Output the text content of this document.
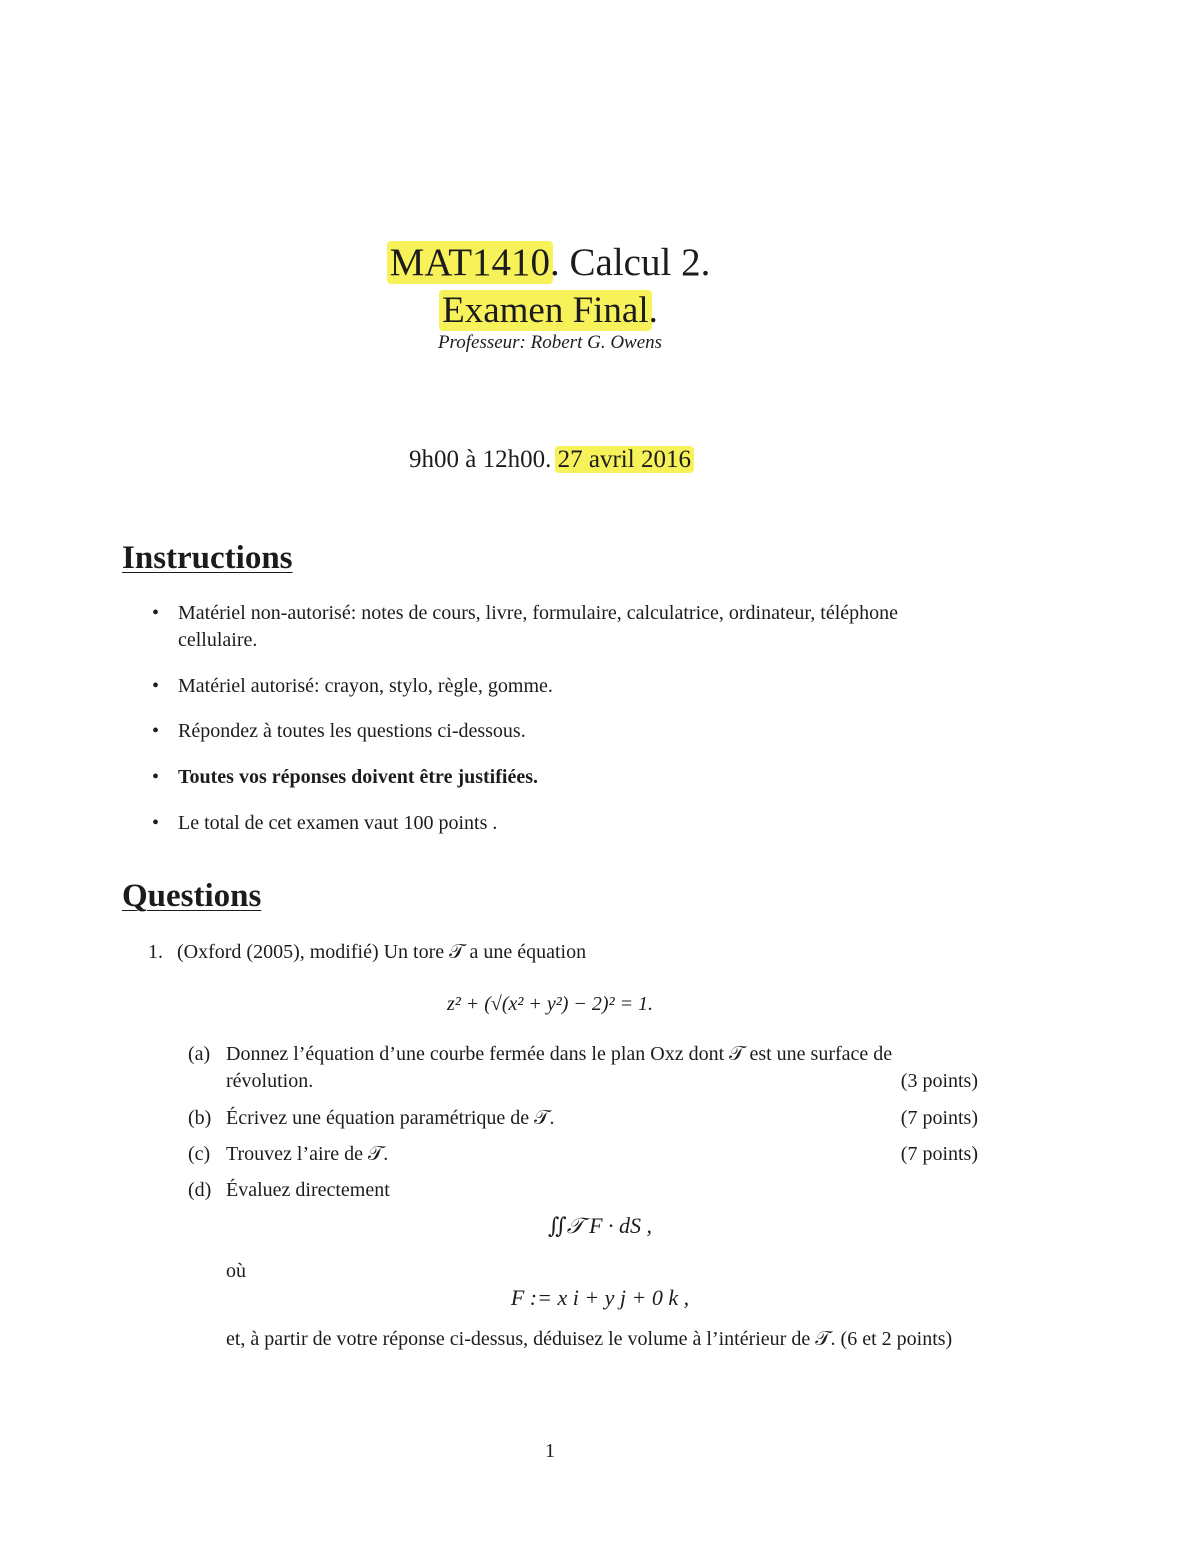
MAT1410. Calcul 2.
Examen Final.
Professeur: Robert G. Owens
9h00 à 12h00. 27 avril 2016
Instructions
• Matériel non-autorisé: notes de cours, livre, formulaire, calculatrice, ordinateur, téléphone cellulaire.
• Matériel autorisé: crayon, stylo, règle, gomme.
• Répondez à toutes les questions ci-dessous.
• Toutes vos réponses doivent être justifiées.
• Le total de cet examen vaut 100 points .
Questions
1. (Oxford (2005), modifié) Un tore 𝒯 a une équation
z² + (√(x² + y²) − 2)² = 1.
(a) Donnez l’équation d’une courbe fermée dans le plan Oxz dont 𝒯 est une surface de
révolution.	(3 points)
(b) Écrivez une équation paramétrique de 𝒯.	(7 points)
(c) Trouvez l’aire de 𝒯.	(7 points)
(d) Évaluez directement
∬𝒯 F · dS ,
où
F := x i + y j + 0 k ,
et, à partir de votre réponse ci-dessus, déduisez le volume à l’intérieur de 𝒯. (6 et 2 points)
1
